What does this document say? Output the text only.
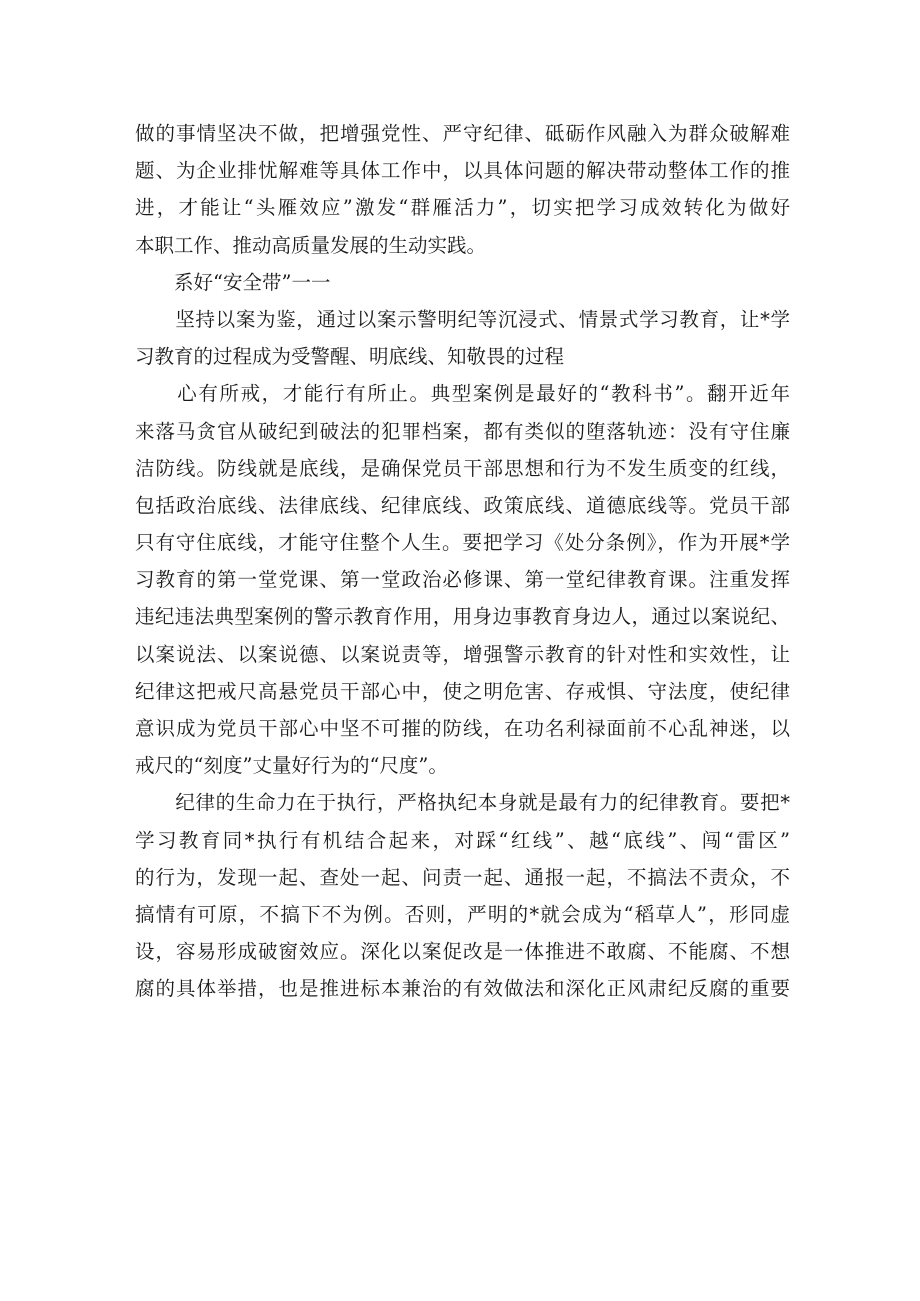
做的事情坚决不做，把增强党性、严守纪律、砥砺作风融入为群众破解难
题、为企业排忧解难等具体工作中，以具体问题的解决带动整体工作的推
进，才能让“头雁效应”激发“群雁活力”，切实把学习成效转化为做好
本职工作、推动高质量发展的生动实践。
　　系好“安全带”一一
　　坚持以案为鉴，通过以案示警明纪等沉浸式、情景式学习教育，让*学
习教育的过程成为受警醒、明底线、知敬畏的过程
　　心有所戒，才能行有所止。典型案例是最好的“教科书”。翻开近年
来落马贪官从破纪到破法的犯罪档案，都有类似的堕落轨迹：没有守住廉
洁防线。防线就是底线，是确保党员干部思想和行为不发生质变的红线，
包括政治底线、法律底线、纪律底线、政策底线、道德底线等。党员干部
只有守住底线，才能守住整个人生。要把学习《处分条例》，作为开展*学
习教育的第一堂党课、第一堂政治必修课、第一堂纪律教育课。注重发挥
违纪违法典型案例的警示教育作用，用身边事教育身边人，通过以案说纪、
以案说法、以案说德、以案说责等，增强警示教育的针对性和实效性，让
纪律这把戒尺高悬党员干部心中，使之明危害、存戒惧、守法度，使纪律
意识成为党员干部心中坚不可摧的防线，在功名利禄面前不心乱神迷，以
戒尺的“刻度”丈量好行为的“尺度”。
　　纪律的生命力在于执行，严格执纪本身就是最有力的纪律教育。要把*
学习教育同*执行有机结合起来，对踩“红线”、越“底线”、闯“雷区”
的行为，发现一起、查处一起、问责一起、通报一起，不搞法不责众，不
搞情有可原，不搞下不为例。否则，严明的*就会成为“稻草人”，形同虚
设，容易形成破窗效应。深化以案促改是一体推进不敢腐、不能腐、不想
腐的具体举措，也是推进标本兼治的有效做法和深化正风肃纪反腐的重要
